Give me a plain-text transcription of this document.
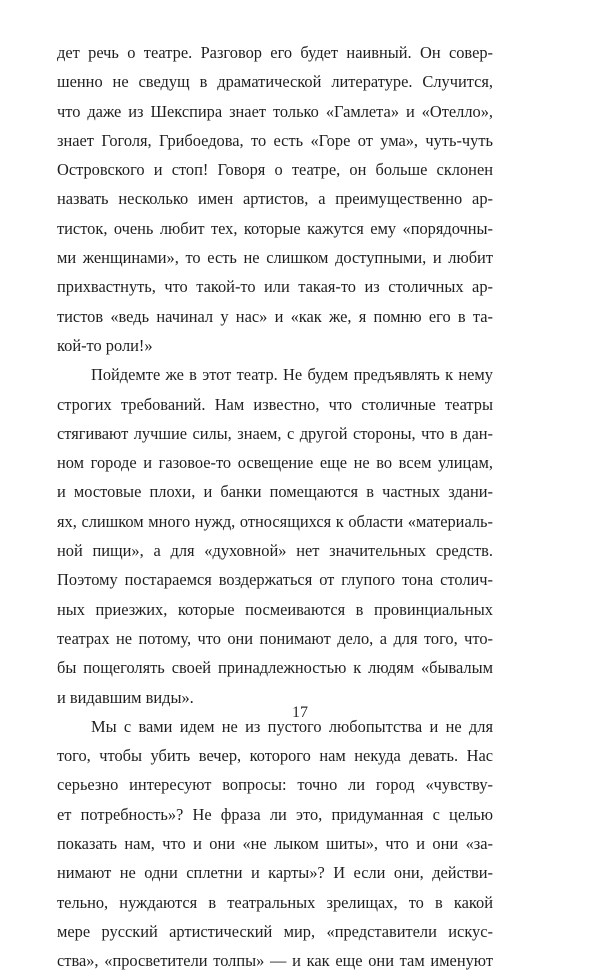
дет речь о театре. Разговор его будет наивный. Он совер-
шенно не сведущ в драматической литературе. Случится,
что даже из Шекспира знает только «Гамлета» и «Отелло»,
знает Гоголя, Грибоедова, то есть «Горе от ума», чуть-чуть
Островского и стоп! Говоря о театре, он больше склонен
назвать несколько имен артистов, а преимущественно ар-
тисток, очень любит тех, которые кажутся ему «порядочны-
ми женщинами», то есть не слишком доступными, и любит
прихвастнуть, что такой-то или такая-то из столичных ар-
тистов «ведь начинал у нас» и «как же, я помню его в та-
кой-то роли!»
Пойдемте же в этот театр. Не будем предъявлять к нему
строгих требований. Нам известно, что столичные театры
стягивают лучшие силы, знаем, с другой стороны, что в дан-
ном городе и газовое-то освещение еще не во всем улицам,
и мостовые плохи, и банки помещаются в частных здани-
ях, слишком много нужд, относящихся к области «материаль-
ной пищи», а для «духовной» нет значительных средств.
Поэтому постараемся воздержаться от глупого тона столич-
ных приезжих, которые посмеиваются в провинциальных
театрах не потому, что они понимают дело, а для того, что-
бы пощеголять своей принадлежностью к людям «бывалым
и видавшим виды».
Мы с вами идем не из пустого любопытства и не для
того, чтобы убить вечер, которого нам некуда девать. Нас
серьезно интересуют вопросы: точно ли город «чувству-
ет потребность»? Не фраза ли это, придуманная с целью
показать нам, что и они «не лыком шиты», что и они «за-
нимают не одни сплетни и карты»? И если они, действи-
тельно, нуждаются в театральных зрелищах, то в какой
мере русский артистический мир, «представители искус-
ства», «просветители толпы» — и как еще они там именуют
17
